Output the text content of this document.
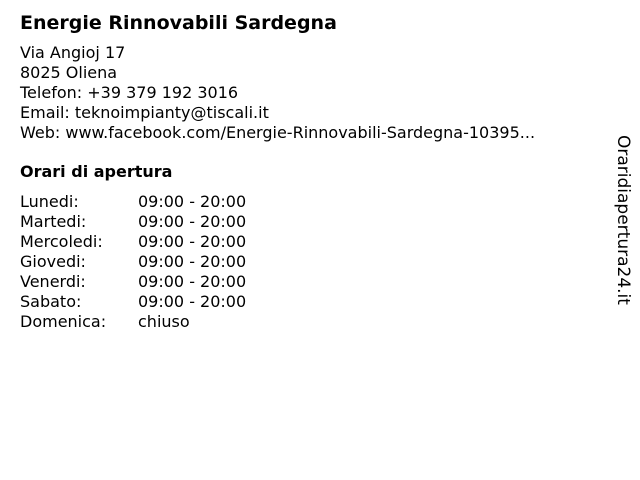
Energie Rinnovabili Sardegna
Via Angioj 17
8025 Oliena
Telefon: +39 379 192 3016
Email: teknoimpianty@tiscali.it
Web: www.facebook.com/Energie-Rinnovabili-Sardegna-10395...
Orari di apertura
Lunedi:	09:00 - 20:00
Martedi:	09:00 - 20:00
Mercoledi:	09:00 - 20:00
Giovedi:	09:00 - 20:00
Venerdi:	09:00 - 20:00
Sabato:	09:00 - 20:00
Domenica:	chiuso
Oraridiapertura24.it
